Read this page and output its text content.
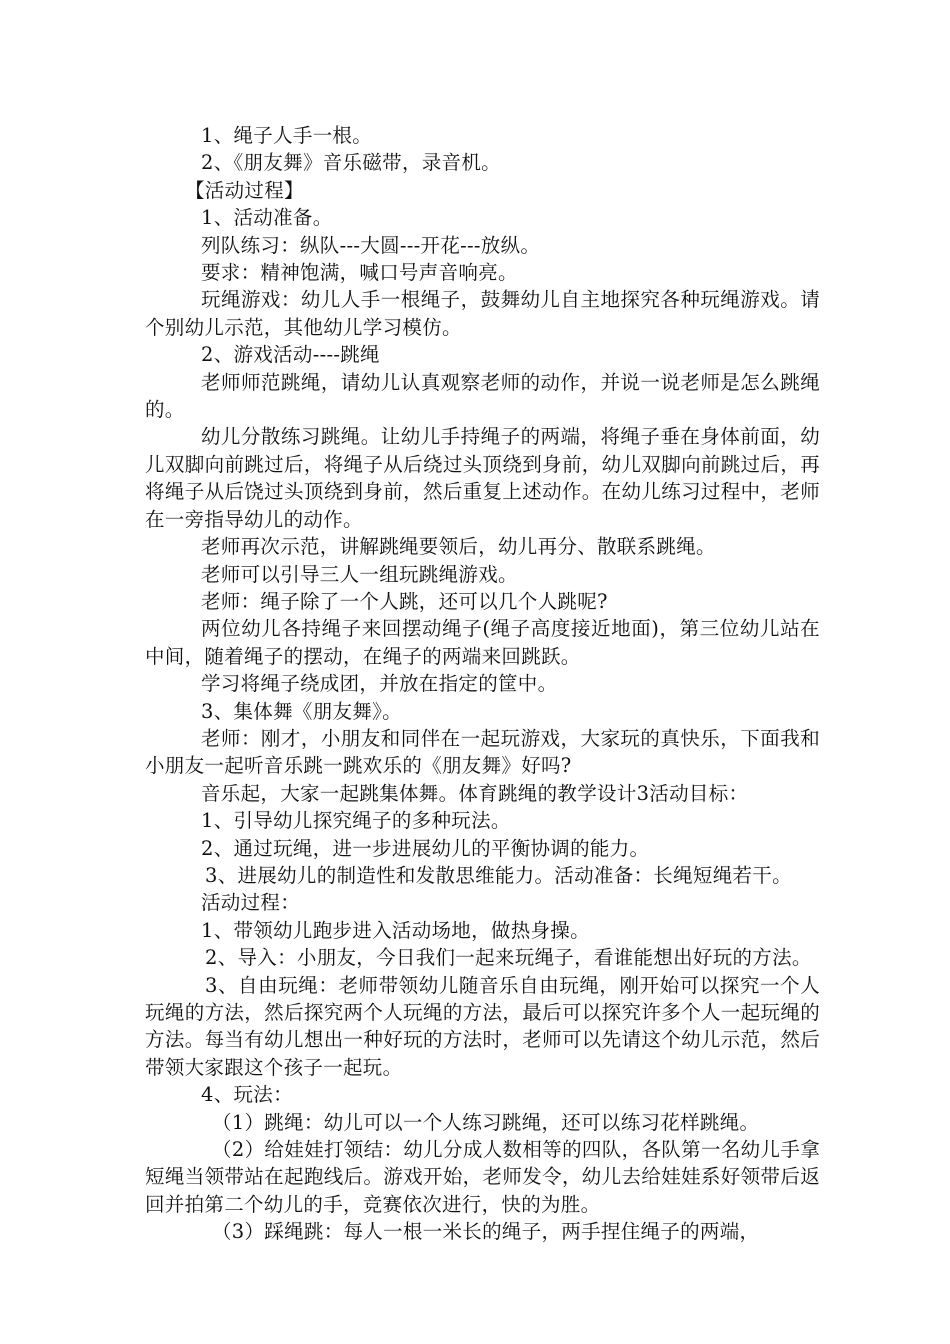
1、绳子人手一根。

2、《朋友舞》音乐磁带，录音机。

【活动过程】

1、活动准备。

列队练习：纵队---大圆---开花---放纵。

要求：精神饱满，喊口号声音响亮。

玩绳游戏：幼儿人手一根绳子，鼓舞幼儿自主地探究各种玩绳游戏。请个别幼儿示范，其他幼儿学习模仿。

2、游戏活动----跳绳

老师师范跳绳，请幼儿认真观察老师的动作，并说一说老师是怎么跳绳的。

幼儿分散练习跳绳。让幼儿手持绳子的两端，将绳子垂在身体前面，幼儿双脚向前跳过后，将绳子从后绕过头顶绕到身前，幼儿双脚向前跳过后，再将绳子从后饶过头顶绕到身前，然后重复上述动作。在幼儿练习过程中，老师在一旁指导幼儿的动作。

老师再次示范，讲解跳绳要领后，幼儿再分、散联系跳绳。

老师可以引导三人一组玩跳绳游戏。

老师：绳子除了一个人跳，还可以几个人跳呢?

两位幼儿各持绳子来回摆动绳子(绳子高度接近地面)，第三位幼儿站在中间，随着绳子的摆动，在绳子的两端来回跳跃。

学习将绳子绕成团，并放在指定的筐中。

3、集体舞《朋友舞》。

老师：刚才，小朋友和同伴在一起玩游戏，大家玩的真快乐，下面我和小朋友一起听音乐跳一跳欢乐的《朋友舞》好吗?

音乐起，大家一起跳集体舞。体育跳绳的教学设计3活动目标：

1、引导幼儿探究绳子的多种玩法。

2、通过玩绳，进一步进展幼儿的平衡协调的能力。

3、进展幼儿的制造性和发散思维能力。活动准备：长绳短绳若干。

活动过程：

1、带领幼儿跑步进入活动场地，做热身操。

2、导入：小朋友，今日我们一起来玩绳子，看谁能想出好玩的方法。

3、自由玩绳：老师带领幼儿随音乐自由玩绳，刚开始可以探究一个人玩绳的方法，然后探究两个人玩绳的方法，最后可以探究许多个人一起玩绳的方法。每当有幼儿想出一种好玩的方法时，老师可以先请这个幼儿示范，然后带领大家跟这个孩子一起玩。

4、玩法：

（1）跳绳：幼儿可以一个人练习跳绳，还可以练习花样跳绳。

（2）给娃娃打领结：幼儿分成人数相等的四队，各队第一名幼儿手拿短绳当领带站在起跑线后。游戏开始，老师发令，幼儿去给娃娃系好领带后返回并拍第二个幼儿的手，竞赛依次进行，快的为胜。

（3）踩绳跳：每人一根一米长的绳子，两手捏住绳子的两端，
